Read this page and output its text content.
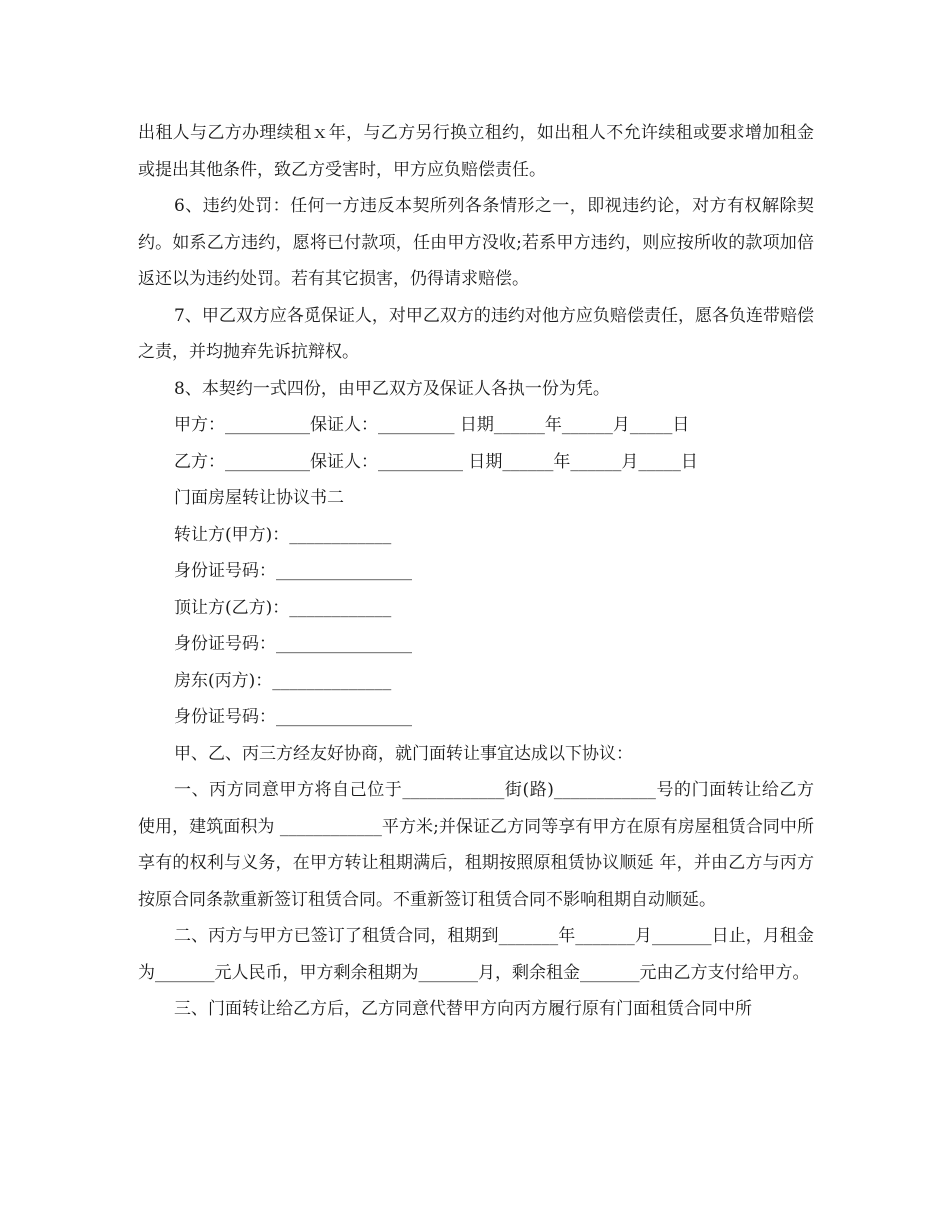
出租人与乙方办理续租ｘ年，与乙方另行换立租约，如出租人不允许续租或要求增加租金或提出其他条件，致乙方受害时，甲方应负赔偿责任。

6、违约处罚：任何一方违反本契所列各条情形之一，即视违约论，对方有权解除契约。如系乙方违约，愿将已付款项，任由甲方没收;若系甲方违约，则应按所收的款项加倍返还以为违约处罚。若有其它损害，仍得请求赔偿。

7、甲乙双方应各觅保证人，对甲乙双方的违约对他方应负赔偿责任，愿各负连带赔偿之责，并均抛弃先诉抗辩权。

8、本契约一式四份，由甲乙双方及保证人各执一份为凭。

甲方：__________保证人：_________ 日期______年______月_____日

乙方：__________保证人：__________ 日期______年______月_____日

门面房屋转让协议书二

转让方(甲方)：____________

身份证号码：________________

顶让方(乙方)：____________

身份证号码：________________

房东(丙方)：______________

身份证号码：________________

甲、乙、丙三方经友好协商，就门面转让事宜达成以下协议：

一、丙方同意甲方将自己位于____________街(路)____________号的门面转让给乙方使用，建筑面积为 ____________平方米;并保证乙方同等享有甲方在原有房屋租赁合同中所享有的权利与义务，在甲方转让租期满后，租期按照原租赁协议顺延 年，并由乙方与丙方按原合同条款重新签订租赁合同。不重新签订租赁合同不影响租期自动顺延。

二、丙方与甲方已签订了租赁合同，租期到_______年_______月_______日止，月租金为_______元人民币，甲方剩余租期为_______月，剩余租金_______元由乙方支付给甲方。

三、门面转让给乙方后，乙方同意代替甲方向丙方履行原有门面租赁合同中所
